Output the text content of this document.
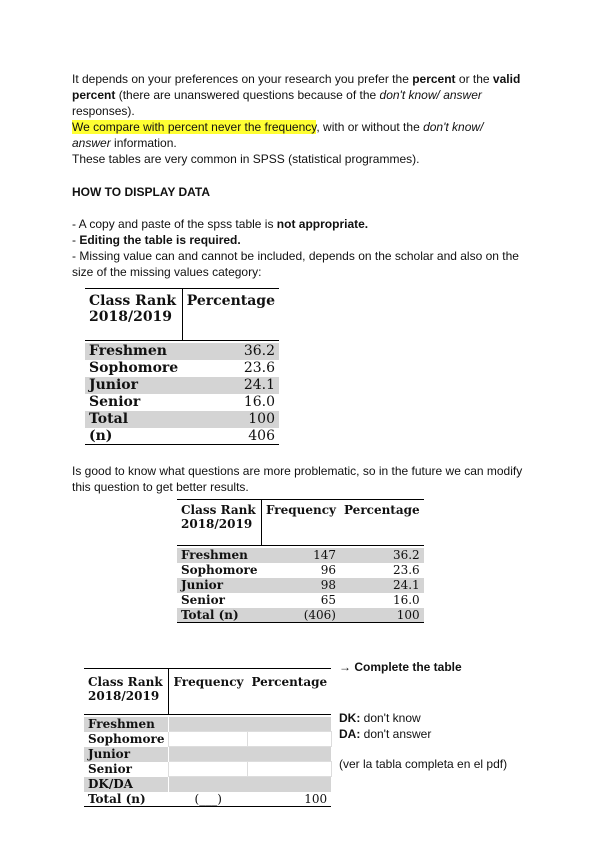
It depends on your preferences on your research you prefer the percent or the valid
percent (there are unanswered questions because of the don't know/ answer
responses).
We compare with percent never the frequency, with or without the don't know/
answer information.
These tables are very common in SPSS (statistical programmes).

HOW TO DISPLAY DATA

- A copy and paste of the spss table is not appropriate.
- Editing the table is required.
- Missing value can and cannot be included, depends on the scholar and also on the size of the missing values category:

Class Rank 2018/2019	Percentage

Freshmen	36.2
Sophomore	23.6
Junior	24.1
Senior	16.0
Total	100
(n)	406

Is good to know what questions are more problematic, so in the future we can modify this question to get better results.

Class Rank 2018/2019	Frequency	Percentage

Freshmen	147	36.2
Sophomore	96	23.6
Junior	98	24.1
Senior	65	16.0
Total (n)	(406)	100
Class Rank 2018/2019	Frequency	Percentage

Freshmen		
Sophomore		
Junior		
Senior		
DK/DA		
Total (n)	(___)	100
→ Complete the table
DK: don't know
DA: don't answer
(ver la tabla completa en el pdf)
